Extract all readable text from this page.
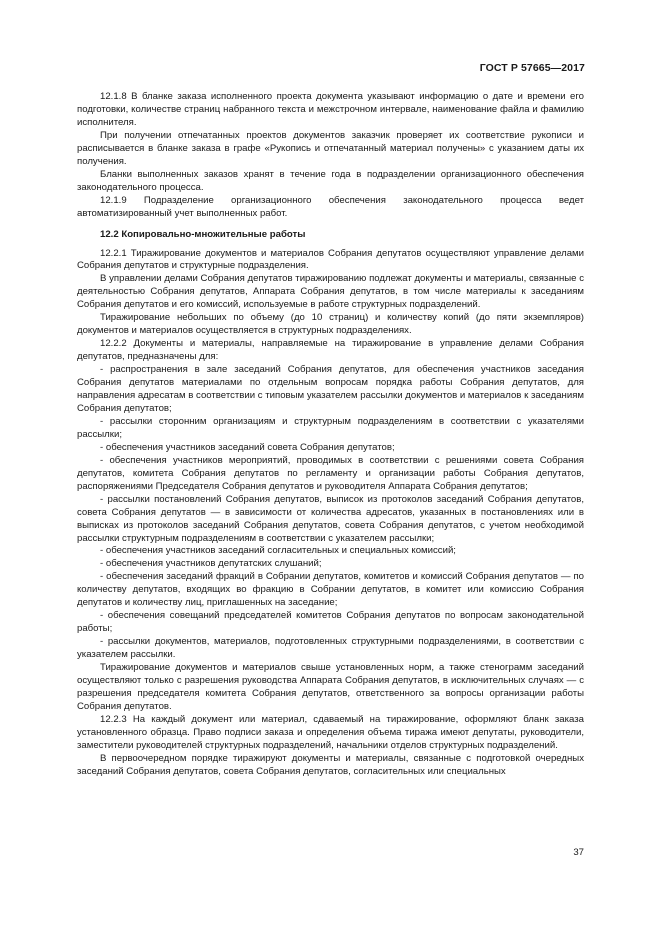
ГОСТ Р 57665—2017

12.1.8 В бланке заказа исполненного проекта документа указывают информацию о дате и времени его подготовки, количестве страниц набранного текста и межстрочном интервале, наименование файла и фамилию исполнителя.

При получении отпечатанных проектов документов заказчик проверяет их соответствие рукописи и расписывается в бланке заказа в графе «Рукопись и отпечатанный материал получены» с указанием даты их получения.

Бланки выполненных заказов хранят в течение года в подразделении организационного обеспечения законодательного процесса.

12.1.9 Подразделение организационного обеспечения законодательного процесса ведет автоматизированный учет выполненных работ.

12.2 Копировально-множительные работы

12.2.1 Тиражирование документов и материалов Собрания депутатов осуществляют управление делами Собрания депутатов и структурные подразделения.

В управлении делами Собрания депутатов тиражированию подлежат документы и материалы, связанные с деятельностью Собрания депутатов, Аппарата Собрания депутатов, в том числе материалы к заседаниям Собрания депутатов и его комиссий, используемые в работе структурных подразделений.

Тиражирование небольших по объему (до 10 страниц) и количеству копий (до пяти экземпляров) документов и материалов осуществляется в структурных подразделениях.

12.2.2 Документы и материалы, направляемые на тиражирование в управление делами Собрания депутатов, предназначены для:

- распространения в зале заседаний Собрания депутатов, для обеспечения участников заседания Собрания депутатов материалами по отдельным вопросам порядка работы Собрания депутатов, для направления адресатам в соответствии с типовым указателем рассылки документов и материалов к заседаниям Собрания депутатов;

- рассылки сторонним организациям и структурным подразделениям в соответствии с указателями рассылки;

- обеспечения участников заседаний совета Собрания депутатов;

- обеспечения участников мероприятий, проводимых в соответствии с решениями совета Собрания депутатов, комитета Собрания депутатов по регламенту и организации работы Собрания депутатов, распоряжениями Председателя Собрания депутатов и руководителя Аппарата Собрания депутатов;

- рассылки постановлений Собрания депутатов, выписок из протоколов заседаний Собрания депутатов, совета Собрания депутатов — в зависимости от количества адресатов, указанных в постановлениях или в выписках из протоколов заседаний Собрания депутатов, совета Собрания депутатов, с учетом необходимой рассылки структурным подразделениям в соответствии с указателем рассылки;

- обеспечения участников заседаний согласительных и специальных комиссий;

- обеспечения участников депутатских слушаний;

- обеспечения заседаний фракций в Собрании депутатов, комитетов и комиссий Собрания депутатов — по количеству депутатов, входящих во фракцию в Собрании депутатов, в комитет или комиссию Собрания депутатов и количеству лиц, приглашенных на заседание;

- обеспечения совещаний председателей комитетов Собрания депутатов по вопросам законодательной работы;

- рассылки документов, материалов, подготовленных структурными подразделениями, в соответствии с указателем рассылки.

Тиражирование документов и материалов свыше установленных норм, а также стенограмм заседаний осуществляют только с разрешения руководства Аппарата Собрания депутатов, в исключительных случаях — с разрешения председателя комитета Собрания депутатов, ответственного за вопросы организации работы Собрания депутатов.

12.2.3 На каждый документ или материал, сдаваемый на тиражирование, оформляют бланк заказа установленного образца. Право подписи заказа и определения объема тиража имеют депутаты, руководители, заместители руководителей структурных подразделений, начальники отделов структурных подразделений.

В первоочередном порядке тиражируют документы и материалы, связанные с подготовкой очередных заседаний Собрания депутатов, совета Собрания депутатов, согласительных или специальных

37
